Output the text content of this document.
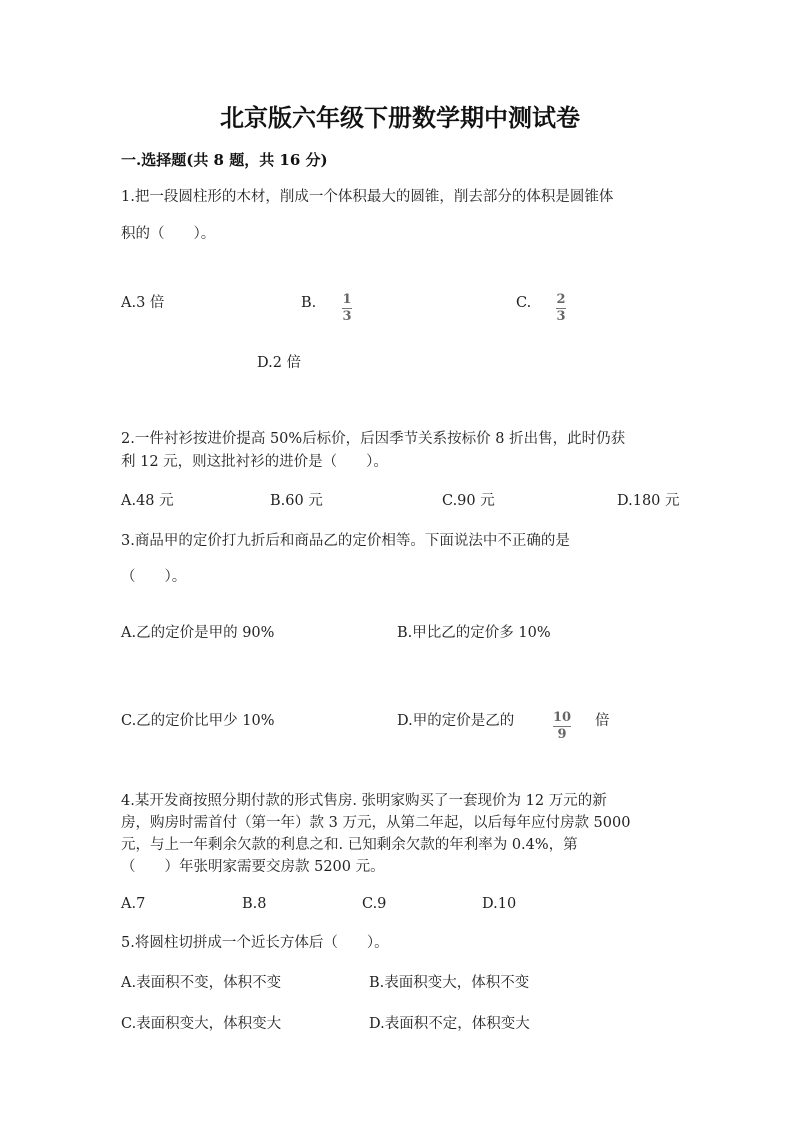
北京版六年级下册数学期中测试卷
一.选择题(共 8 题，共 16 分)
1.把一段圆柱形的木材，削成一个体积最大的圆锥，削去部分的体积是圆锥体
积的（　　）。
A.3 倍	B. $\frac{1}{3}$	C. $\frac{2}{3}$
D.2 倍
2.一件衬衫按进价提高 50%后标价，后因季节关系按标价 8 折出售，此时仍获
利 12 元，则这批衬衫的进价是（　　）。
A.48 元	B.60 元	C.90 元	D.180 元
3.商品甲的定价打九折后和商品乙的定价相等。下面说法中不正确的是
（　　）。
A.乙的定价是甲的 90%	B.甲比乙的定价多 10%
C.乙的定价比甲少 10%	D.甲的定价是乙的	$\frac{10}{9}$ 倍
4.某开发商按照分期付款的形式售房. 张明家购买了一套现价为 12 万元的新
房，购房时需首付（第一年）款 3 万元，从第二年起，以后每年应付房款 5000
元，与上一年剩余欠款的利息之和. 已知剩余欠款的年利率为 0.4%，第
（　　）年张明家需要交房款 5200 元。
A.7	B.8	C.9	D.10
5.将圆柱切拼成一个近长方体后（　　）。
A.表面积不变，体积不变	B.表面积变大，体积不变
C.表面积变大，体积变大	D.表面积不定，体积变大
